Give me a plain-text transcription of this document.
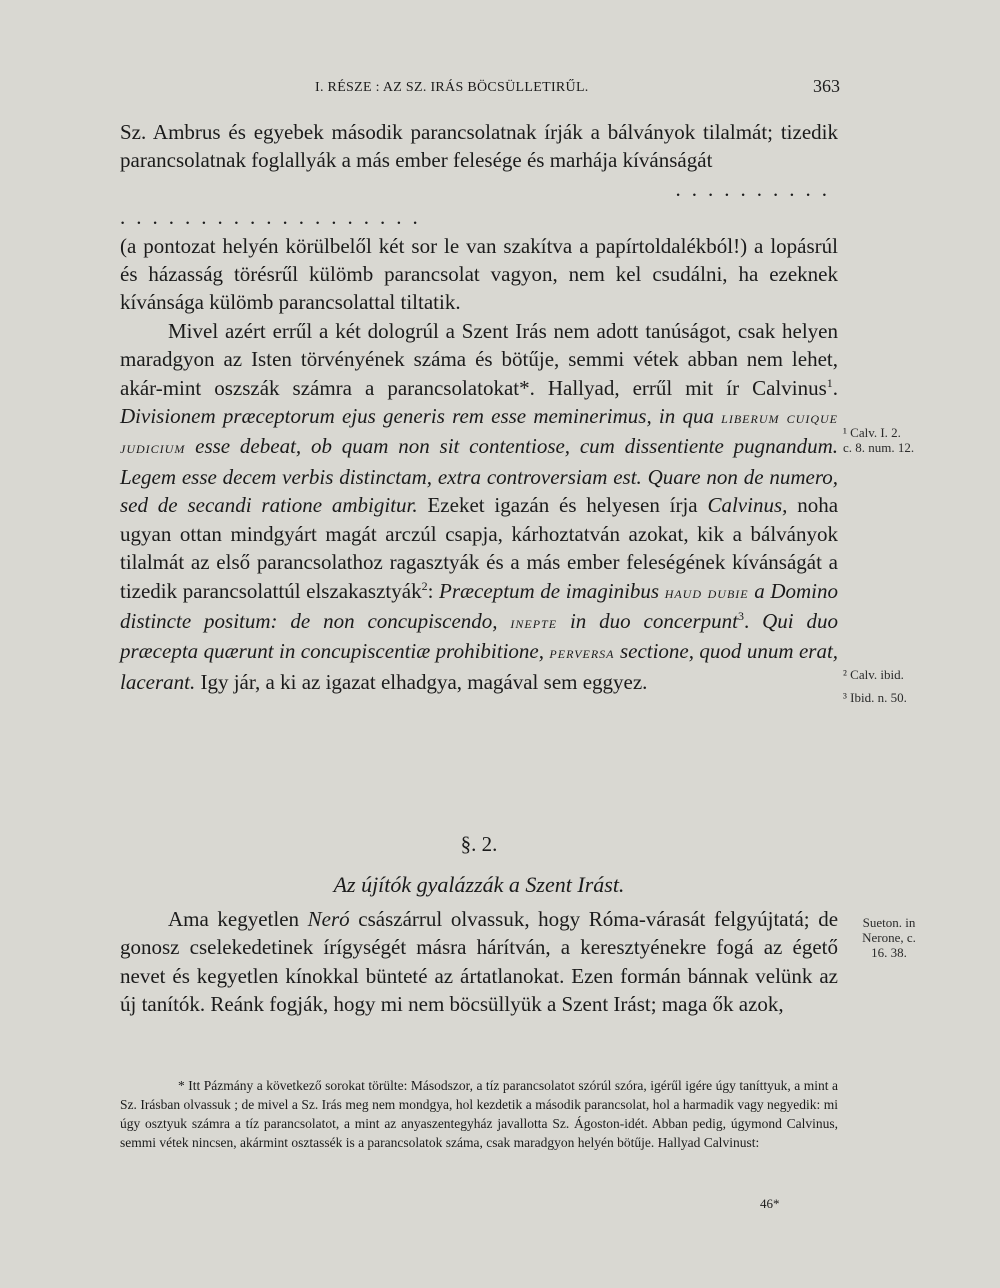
I. RÉSZE : AZ SZ. IRÁS BÖCSÜLLETIRŰL.	363

Sz. Ambrus és egyebek második parancsolatnak írják a bálványok tilalmát; tizedik parancsolatnak foglallyák a más ember felesége és marhája kívánságát

..........
...................

(a pontozat helyén körülbelől két sor le van szakítva a papírtoldalékból!) a lopásrúl és házasság törésrűl külömb parancsolat vagyon, nem kel csudálni, ha ezeknek kívánsága külömb parancsolattal tiltatik.

Mivel azért errűl a két dologrúl a Szent Irás nem adott tanúságot, csak helyen maradgyon az Isten törvényének száma és bötűje, semmi vétek abban nem lehet, akár-mint oszszák számra a parancsolatokat*. Hallyad, errűl mit ír Calvinus$^1$. Divisionem præceptorum ejus generis rem esse meminerimus, in qua liberum cuique judicium esse debeat, ob quam non sit contentiose, cum dissentiente pugnandum. Legem esse decem verbis distinctam, extra controversiam est. Quare non de numero, sed de secandi ratione ambigitur. Ezeket igazán és helyesen írja Calvinus, noha ugyan ottan mindgyárt magát arczúl csapja, kárhoztatván azokat, kik a bálványok tilalmát az első parancsolathoz ragasztyák és a más ember feleségének kívánságát a tizedik parancsolattúl elszakasztyák$^2$: Præceptum de imaginibus haud dubie a Domino distincte positum: de non concupiscendo, inepte in duo concerpunt$^3$. Qui duo præcepta quærunt in concupiscentiæ prohibitione, perversa sectione, quod unum erat, lacerant. Igy jár, a ki az igazat elhadgya, magával sem eggyez.

§. 2.
Az újítók gyalázzák a Szent Irást.

Ama kegyetlen Neró császárrul olvassuk, hogy Róma-várasát felgyújtatá; de gonosz cselekedetinek írígységét másra hárítván, a keresztyénekre fogá az égető nevet és kegyetlen kínokkal bünteté az ártatlanokat. Ezen formán bánnak velünk az új tanítók. Reánk fogják, hogy mi nem böcsüllyük a Szent Irást; maga ők azok,

¹ Calv. I. 2.
c. 8. num. 12.
² Calv. ibid.
³ Ibid. n. 50.
Sueton. in
Nerone, c.
16. 38.

* Itt Pázmány a következő sorokat törülte: Másodszor, a tíz parancsolatot szórúl szóra, igérűl igére úgy taníttyuk, a mint a Sz. Irásban olvassuk ; de mivel a Sz. Irás meg nem mondgya, hol kezdetik a második parancsolat, hol a harmadik vagy negyedik: mi úgy osztyuk számra a tíz parancsolatot, a mint az anyaszentegyház javallotta Sz. Ágoston-idét. Abban pedig, úgymond Calvinus, semmi vétek nincsen, akármint osztassék is a parancsolatok száma, csak maradgyon helyén bötűje. Hallyad Calvinust:

46*
